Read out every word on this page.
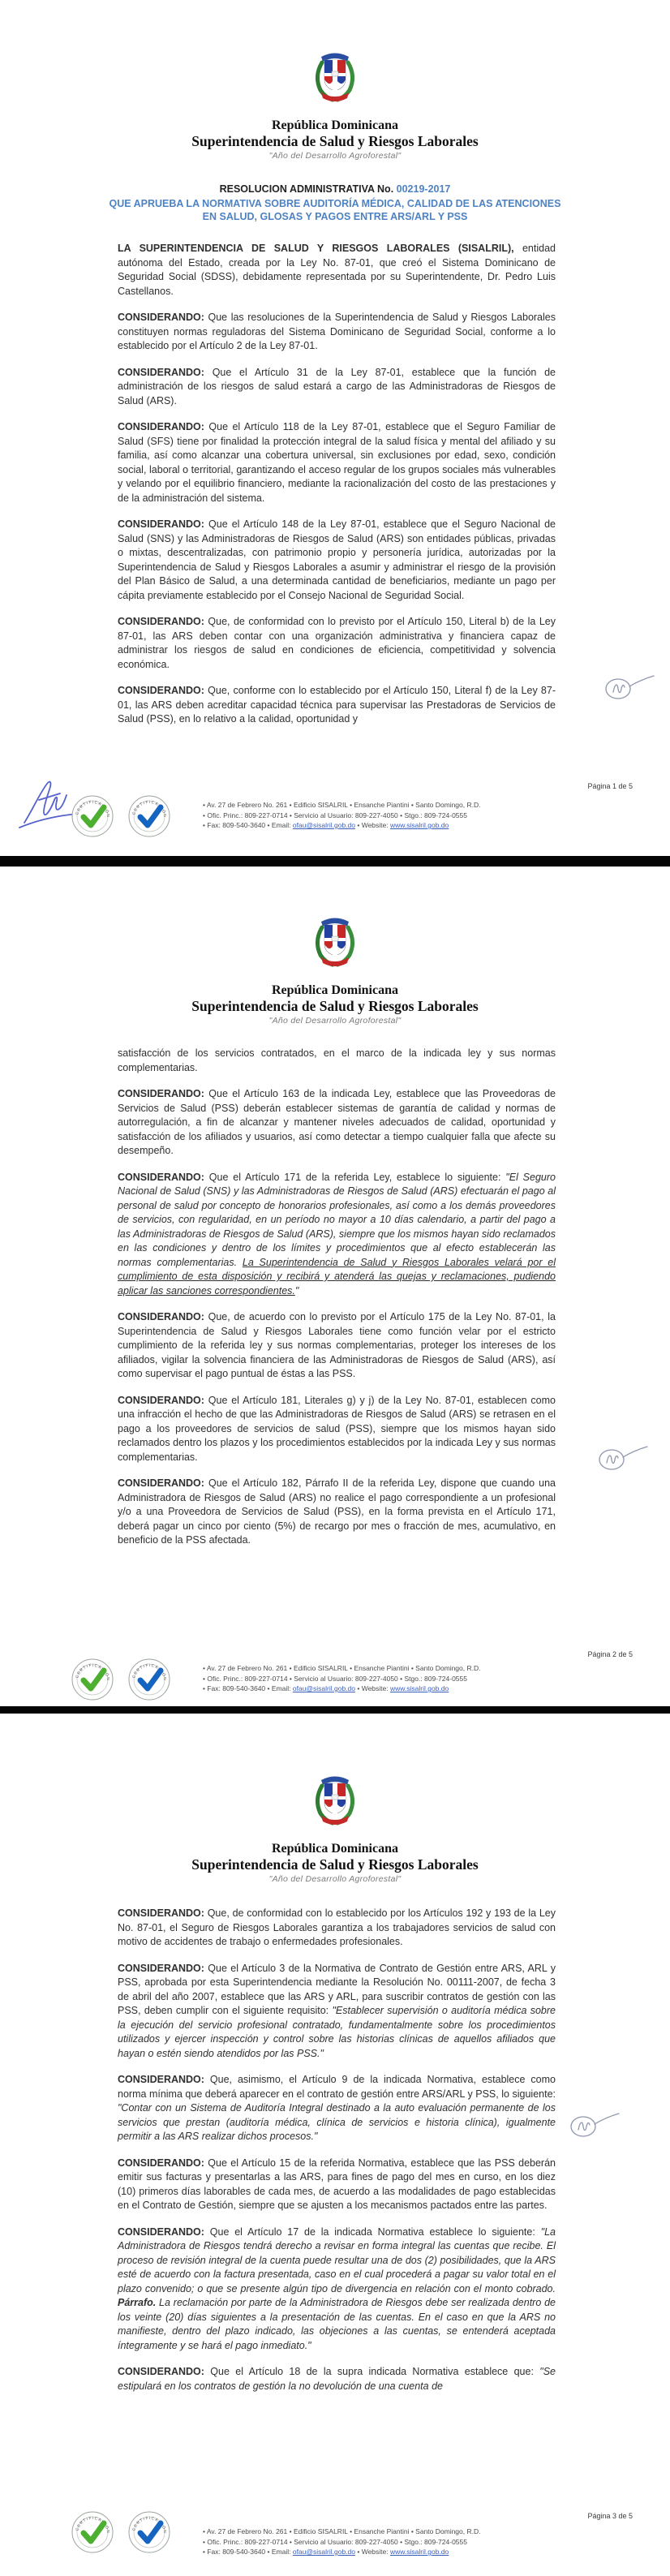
República Dominicana
Superintendencia de Salud y Riesgos Laborales
"Año del Desarrollo Agroforestal"
RESOLUCION ADMINISTRATIVA No. 00219-2017
QUE APRUEBA LA NORMATIVA SOBRE AUDITORÍA MÉDICA, CALIDAD DE LAS ATENCIONES EN SALUD, GLOSAS Y PAGOS ENTRE ARS/ARL Y PSS

LA SUPERINTENDENCIA DE SALUD Y RIESGOS LABORALES (SISALRIL), entidad autónoma del Estado, creada por la Ley No. 87-01, que creó el Sistema Dominicano de Seguridad Social (SDSS), debidamente representada por su Superintendente, Dr. Pedro Luis Castellanos.

CONSIDERANDO: Que las resoluciones de la Superintendencia de Salud y Riesgos Laborales constituyen normas reguladoras del Sistema Dominicano de Seguridad Social, conforme a lo establecido por el Artículo 2 de la Ley 87-01.

CONSIDERANDO: Que el Artículo 31 de la Ley 87-01, establece que la función de administración de los riesgos de salud estará a cargo de las Administradoras de Riesgos de Salud (ARS).

CONSIDERANDO: Que el Artículo 118 de la Ley 87-01, establece que el Seguro Familiar de Salud (SFS) tiene por finalidad la protección integral de la salud física y mental del afiliado y su familia, así como alcanzar una cobertura universal, sin exclusiones por edad, sexo, condición social, laboral o territorial, garantizando el acceso regular de los grupos sociales más vulnerables y velando por el equilibrio financiero, mediante la racionalización del costo de las prestaciones y de la administración del sistema.

CONSIDERANDO: Que el Artículo 148 de la Ley 87-01, establece que el Seguro Nacional de Salud (SNS) y las Administradoras de Riesgos de Salud (ARS) son entidades públicas, privadas o mixtas, descentralizadas, con patrimonio propio y personería jurídica, autorizadas por la Superintendencia de Salud y Riesgos Laborales a asumir y administrar el riesgo de la provisión del Plan Básico de Salud, a una determinada cantidad de beneficiarios, mediante un pago per cápita previamente establecido por el Consejo Nacional de Seguridad Social.

CONSIDERANDO: Que, de conformidad con lo previsto por el Artículo 150, Literal b) de la Ley 87-01, las ARS deben contar con una organización administrativa y financiera capaz de administrar los riesgos de salud en condiciones de eficiencia, competitividad y solvencia económica.

CONSIDERANDO: Que, conforme con lo establecido por el Artículo 150, Literal f) de la Ley 87-01, las ARS deben acreditar capacidad técnica para supervisar las Prestadoras de Servicios de Salud (PSS), en lo relativo a la calidad, oportunidad y

Página 1 de 5
CERTIFICACIÓN
CERTIFICACIÓN
• Av. 27 de Febrero No. 261 • Edificio SISALRIL • Ensanche Piantini • Santo Domingo, R.D.
• Ofic. Princ.: 809-227-0714 • Servicio al Usuario: 809-227-4050 • Stgo.: 809-724-0555
• Fax: 809-540-3640 • Email: ofau@sisalril.gob.do • Website: www.sisalril.gob.do
República Dominicana
Superintendencia de Salud y Riesgos Laborales
"Año del Desarrollo Agroforestal"

satisfacción de los servicios contratados, en el marco de la indicada ley y sus normas complementarias.

CONSIDERANDO: Que el Artículo 163 de la indicada Ley, establece que las Proveedoras de Servicios de Salud (PSS) deberán establecer sistemas de garantía de calidad y normas de autorregulación, a fin de alcanzar y mantener niveles adecuados de calidad, oportunidad y satisfacción de los afiliados y usuarios, así como detectar a tiempo cualquier falla que afecte su desempeño.

CONSIDERANDO: Que el Artículo 171 de la referida Ley, establece lo siguiente: "El Seguro Nacional de Salud (SNS) y las Administradoras de Riesgos de Salud (ARS) efectuarán el pago al personal de salud por concepto de honorarios profesionales, así como a los demás proveedores de servicios, con regularidad, en un período no mayor a 10 días calendario, a partir del pago a las Administradoras de Riesgos de Salud (ARS), siempre que los mismos hayan sido reclamados en las condiciones y dentro de los límites y procedimientos que al efecto establecerán las normas complementarias. La Superintendencia de Salud y Riesgos Laborales velará por el cumplimiento de esta disposición y recibirá y atenderá las quejas y reclamaciones, pudiendo aplicar las sanciones correspondientes."

CONSIDERANDO: Que, de acuerdo con lo previsto por el Artículo 175 de la Ley No. 87-01, la Superintendencia de Salud y Riesgos Laborales tiene como función velar por el estricto cumplimiento de la referida ley y sus normas complementarias, proteger los intereses de los afiliados, vigilar la solvencia financiera de las Administradoras de Riesgos de Salud (ARS), así como supervisar el pago puntual de éstas a las PSS.

CONSIDERANDO: Que el Artículo 181, Literales g) y j) de la Ley No. 87-01, establecen como una infracción el hecho de que las Administradoras de Riesgos de Salud (ARS) se retrasen en el pago a los proveedores de servicios de salud (PSS), siempre que los mismos hayan sido reclamados dentro los plazos y los procedimientos establecidos por la indicada Ley y sus normas complementarias.

CONSIDERANDO: Que el Artículo 182, Párrafo II de la referida Ley, dispone que cuando una Administradora de Riesgos de Salud (ARS) no realice el pago correspondiente a un profesional y/o a una Proveedora de Servicios de Salud (PSS), en la forma prevista en el Artículo 171, deberá pagar un cinco por ciento (5%) de recargo por mes o fracción de mes, acumulativo, en beneficio de la PSS afectada.

Página 2 de 5
CERTIFICACIÓN
CERTIFICACIÓN
• Av. 27 de Febrero No. 261 • Edificio SISALRIL • Ensanche Piantini • Santo Domingo, R.D.
• Ofic. Princ.: 809-227-0714 • Servicio al Usuario: 809-227-4050 • Stgo.: 809-724-0555
• Fax: 809-540-3640 • Email: ofau@sisalril.gob.do • Website: www.sisalril.gob.do
República Dominicana
Superintendencia de Salud y Riesgos Laborales
"Año del Desarrollo Agroforestal"

CONSIDERANDO: Que, de conformidad con lo establecido por los Artículos 192 y 193 de la Ley No. 87-01, el Seguro de Riesgos Laborales garantiza a los trabajadores servicios de salud con motivo de accidentes de trabajo o enfermedades profesionales.

CONSIDERANDO: Que el Artículo 3 de la Normativa de Contrato de Gestión entre ARS, ARL y PSS, aprobada por esta Superintendencia mediante la Resolución No. 00111-2007, de fecha 3 de abril del año 2007, establece que las ARS y ARL, para suscribir contratos de gestión con las PSS, deben cumplir con el siguiente requisito: "Establecer supervisión o auditoría médica sobre la ejecución del servicio profesional contratado, fundamentalmente sobre los procedimientos utilizados y ejercer inspección y control sobre las historias clínicas de aquellos afiliados que hayan o estén siendo atendidos por las PSS."

CONSIDERANDO: Que, asimismo, el Artículo 9 de la indicada Normativa, establece como norma mínima que deberá aparecer en el contrato de gestión entre ARS/ARL y PSS, lo siguiente: "Contar con un Sistema de Auditoría Integral destinado a la auto evaluación permanente de los servicios que prestan (auditoría médica, clínica de servicios e historia clínica), igualmente permitir a las ARS realizar dichos procesos."

CONSIDERANDO: Que el Artículo 15 de la referida Normativa, establece que las PSS deberán emitir sus facturas y presentarlas a las ARS, para fines de pago del mes en curso, en los diez (10) primeros días laborables de cada mes, de acuerdo a las modalidades de pago establecidas en el Contrato de Gestión, siempre que se ajusten a los mecanismos pactados entre las partes.

CONSIDERANDO: Que el Artículo 17 de la indicada Normativa establece lo siguiente: "La Administradora de Riesgos tendrá derecho a revisar en forma integral las cuentas que recibe. El proceso de revisión integral de la cuenta puede resultar una de dos (2) posibilidades, que la ARS esté de acuerdo con la factura presentada, caso en el cual procederá a pagar su valor total en el plazo convenido; o que se presente algún tipo de divergencia en relación con el monto cobrado. Párrafo. La reclamación por parte de la Administradora de Riesgos debe ser realizada dentro de los veinte (20) días siguientes a la presentación de las cuentas. En el caso en que la ARS no manifieste, dentro del plazo indicado, las objeciones a las cuentas, se entenderá aceptada íntegramente y se hará el pago inmediato."

CONSIDERANDO: Que el Artículo 18 de la supra indicada Normativa establece que: "Se estipulará en los contratos de gestión la no devolución de una cuenta de

Página 3 de 5
CERTIFICACIÓN
CERTIFICACIÓN	• Av. 27 de Febrero No. 261 • Edificio SISALRIL • Ensanche Piantini • Santo Domingo, R.D.
• Ofic. Princ.: 809-227-0714 • Servicio al Usuario: 809-227-4050 • Stgo.: 809-724-0555
• Fax: 809-540-3640 • Email: ofau@sisalril.gob.do • Website: www.sisalril.gob.do
